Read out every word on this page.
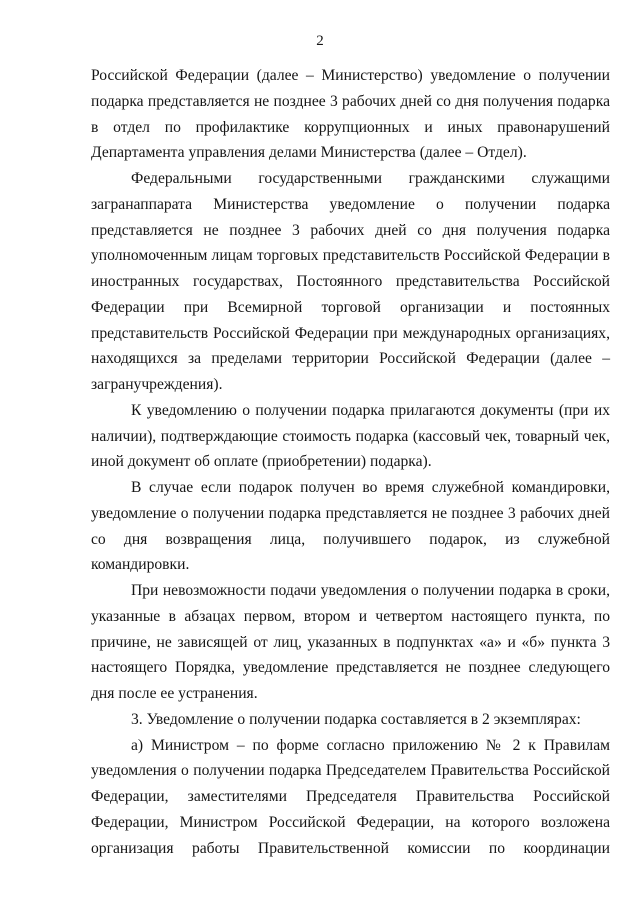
2

Российской Федерации (далее – Министерство) уведомление о получении подарка представляется не позднее 3 рабочих дней со дня получения подарка в отдел по профилактике коррупционных и иных правонарушений Департамента управления делами Министерства (далее – Отдел).

Федеральными государственными гражданскими служащими загранаппарата Министерства уведомление о получении подарка представляется не позднее 3 рабочих дней со дня получения подарка уполномоченным лицам торговых представительств Российской Федерации в иностранных государствах, Постоянного представительства Российской Федерации при Всемирной торговой организации и постоянных представительств Российской Федерации при международных организациях, находящихся за пределами территории Российской Федерации (далее – загранучреждения).

К уведомлению о получении подарка прилагаются документы (при их наличии), подтверждающие стоимость подарка (кассовый чек, товарный чек, иной документ об оплате (приобретении) подарка).

В случае если подарок получен во время служебной командировки, уведомление о получении подарка представляется не позднее 3 рабочих дней со дня возвращения лица, получившего подарок, из служебной командировки.

При невозможности подачи уведомления о получении подарка в сроки, указанные в абзацах первом, втором и четвертом настоящего пункта, по причине, не зависящей от лиц, указанных в подпунктах «а» и «б» пункта 3 настоящего Порядка, уведомление представляется не позднее следующего дня после ее устранения.

3. Уведомление о получении подарка составляется в 2 экземплярах:

а) Министром – по форме согласно приложению № 2 к Правилам уведомления о получении подарка Председателем Правительства Российской Федерации, заместителями Председателя Правительства Российской Федерации, Министром Российской Федерации, на которого возложена организация работы Правительственной комиссии по координации
